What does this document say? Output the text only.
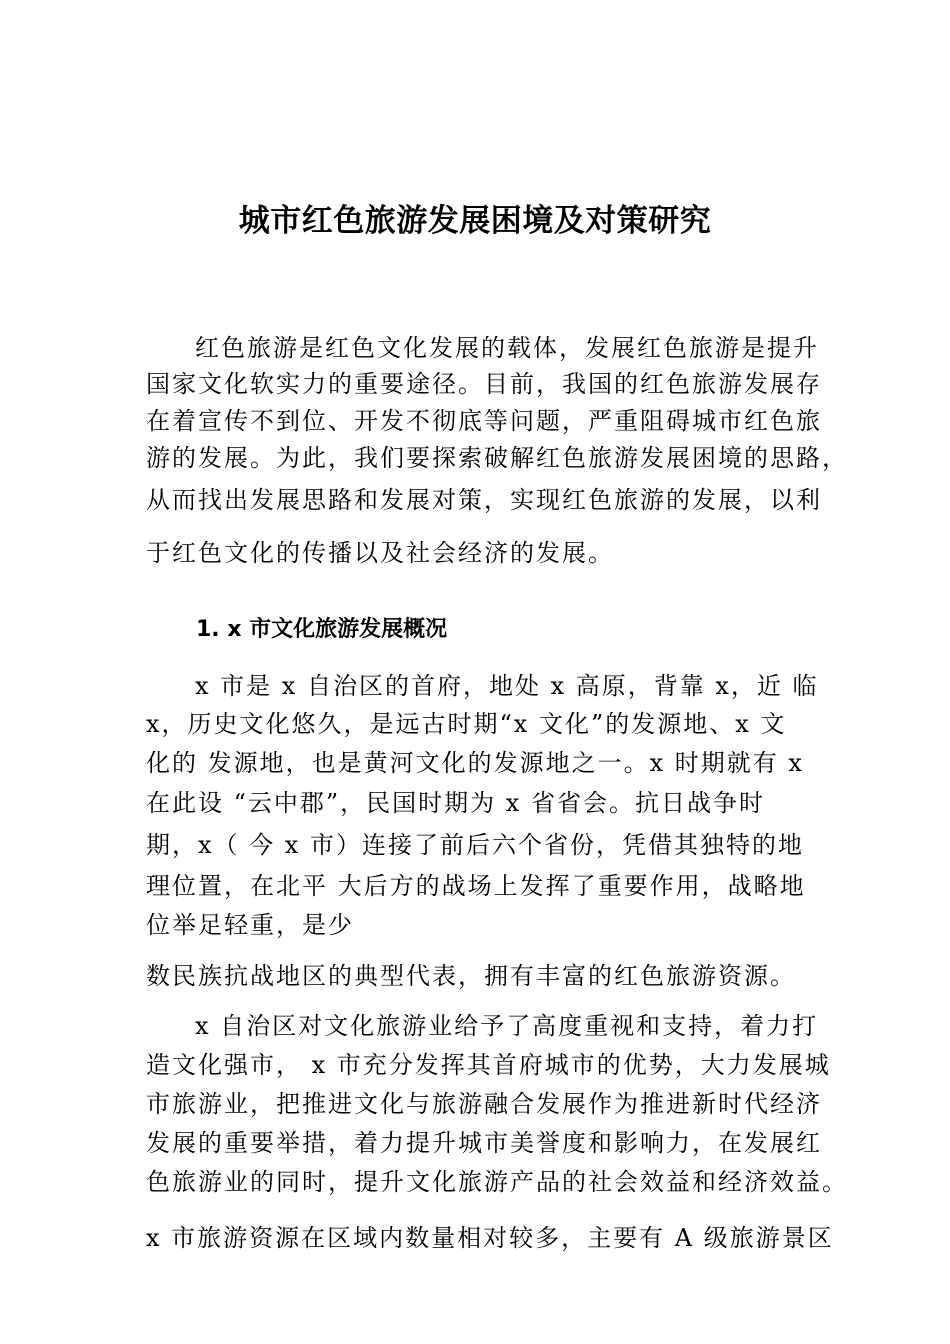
城市红色旅游发展困境及对策研究

红色旅游是红色文化发展的载体，发展红色旅游是提升

国家文化软实力的重要途径。目前，我国的红色旅游发展存

在着宣传不到位、开发不彻底等问题，严重阻碍城市红色旅

游的发展。为此，我们要探索破解红色旅游发展困境的思路，

从而找出发展思路和发展对策，实现红色旅游的发展，以利

于红色文化的传播以及社会经济的发展。

1. x 市文化旅游发展概况

x 市是 x 自治区的首府，地处 x 高原，背靠 x，近 临

x，历史文化悠久，是远古时期“x 文化”的发源地、x 文

化的 发源地，也是黄河文化的发源地之一。x 时期就有 x

在此设 “云中郡”，民国时期为 x 省省会。抗日战争时

期，x（ 今 x 市）连接了前后六个省份，凭借其独特的地

理位置，在北平 大后方的战场上发挥了重要作用，战略地

位举足轻重，是少

数民族抗战地区的典型代表，拥有丰富的红色旅游资源。

x 自治区对文化旅游业给予了高度重视和支持，着力打

造文化强市， x 市充分发挥其首府城市的优势，大力发展城

市旅游业，把推进文化与旅游融合发展作为推进新时代经济

发展的重要举措，着力提升城市美誉度和影响力，在发展红

色旅游业的同时，提升文化旅游产品的社会效益和经济效益。

x 市旅游资源在区域内数量相对较多，主要有 A 级旅游景区
